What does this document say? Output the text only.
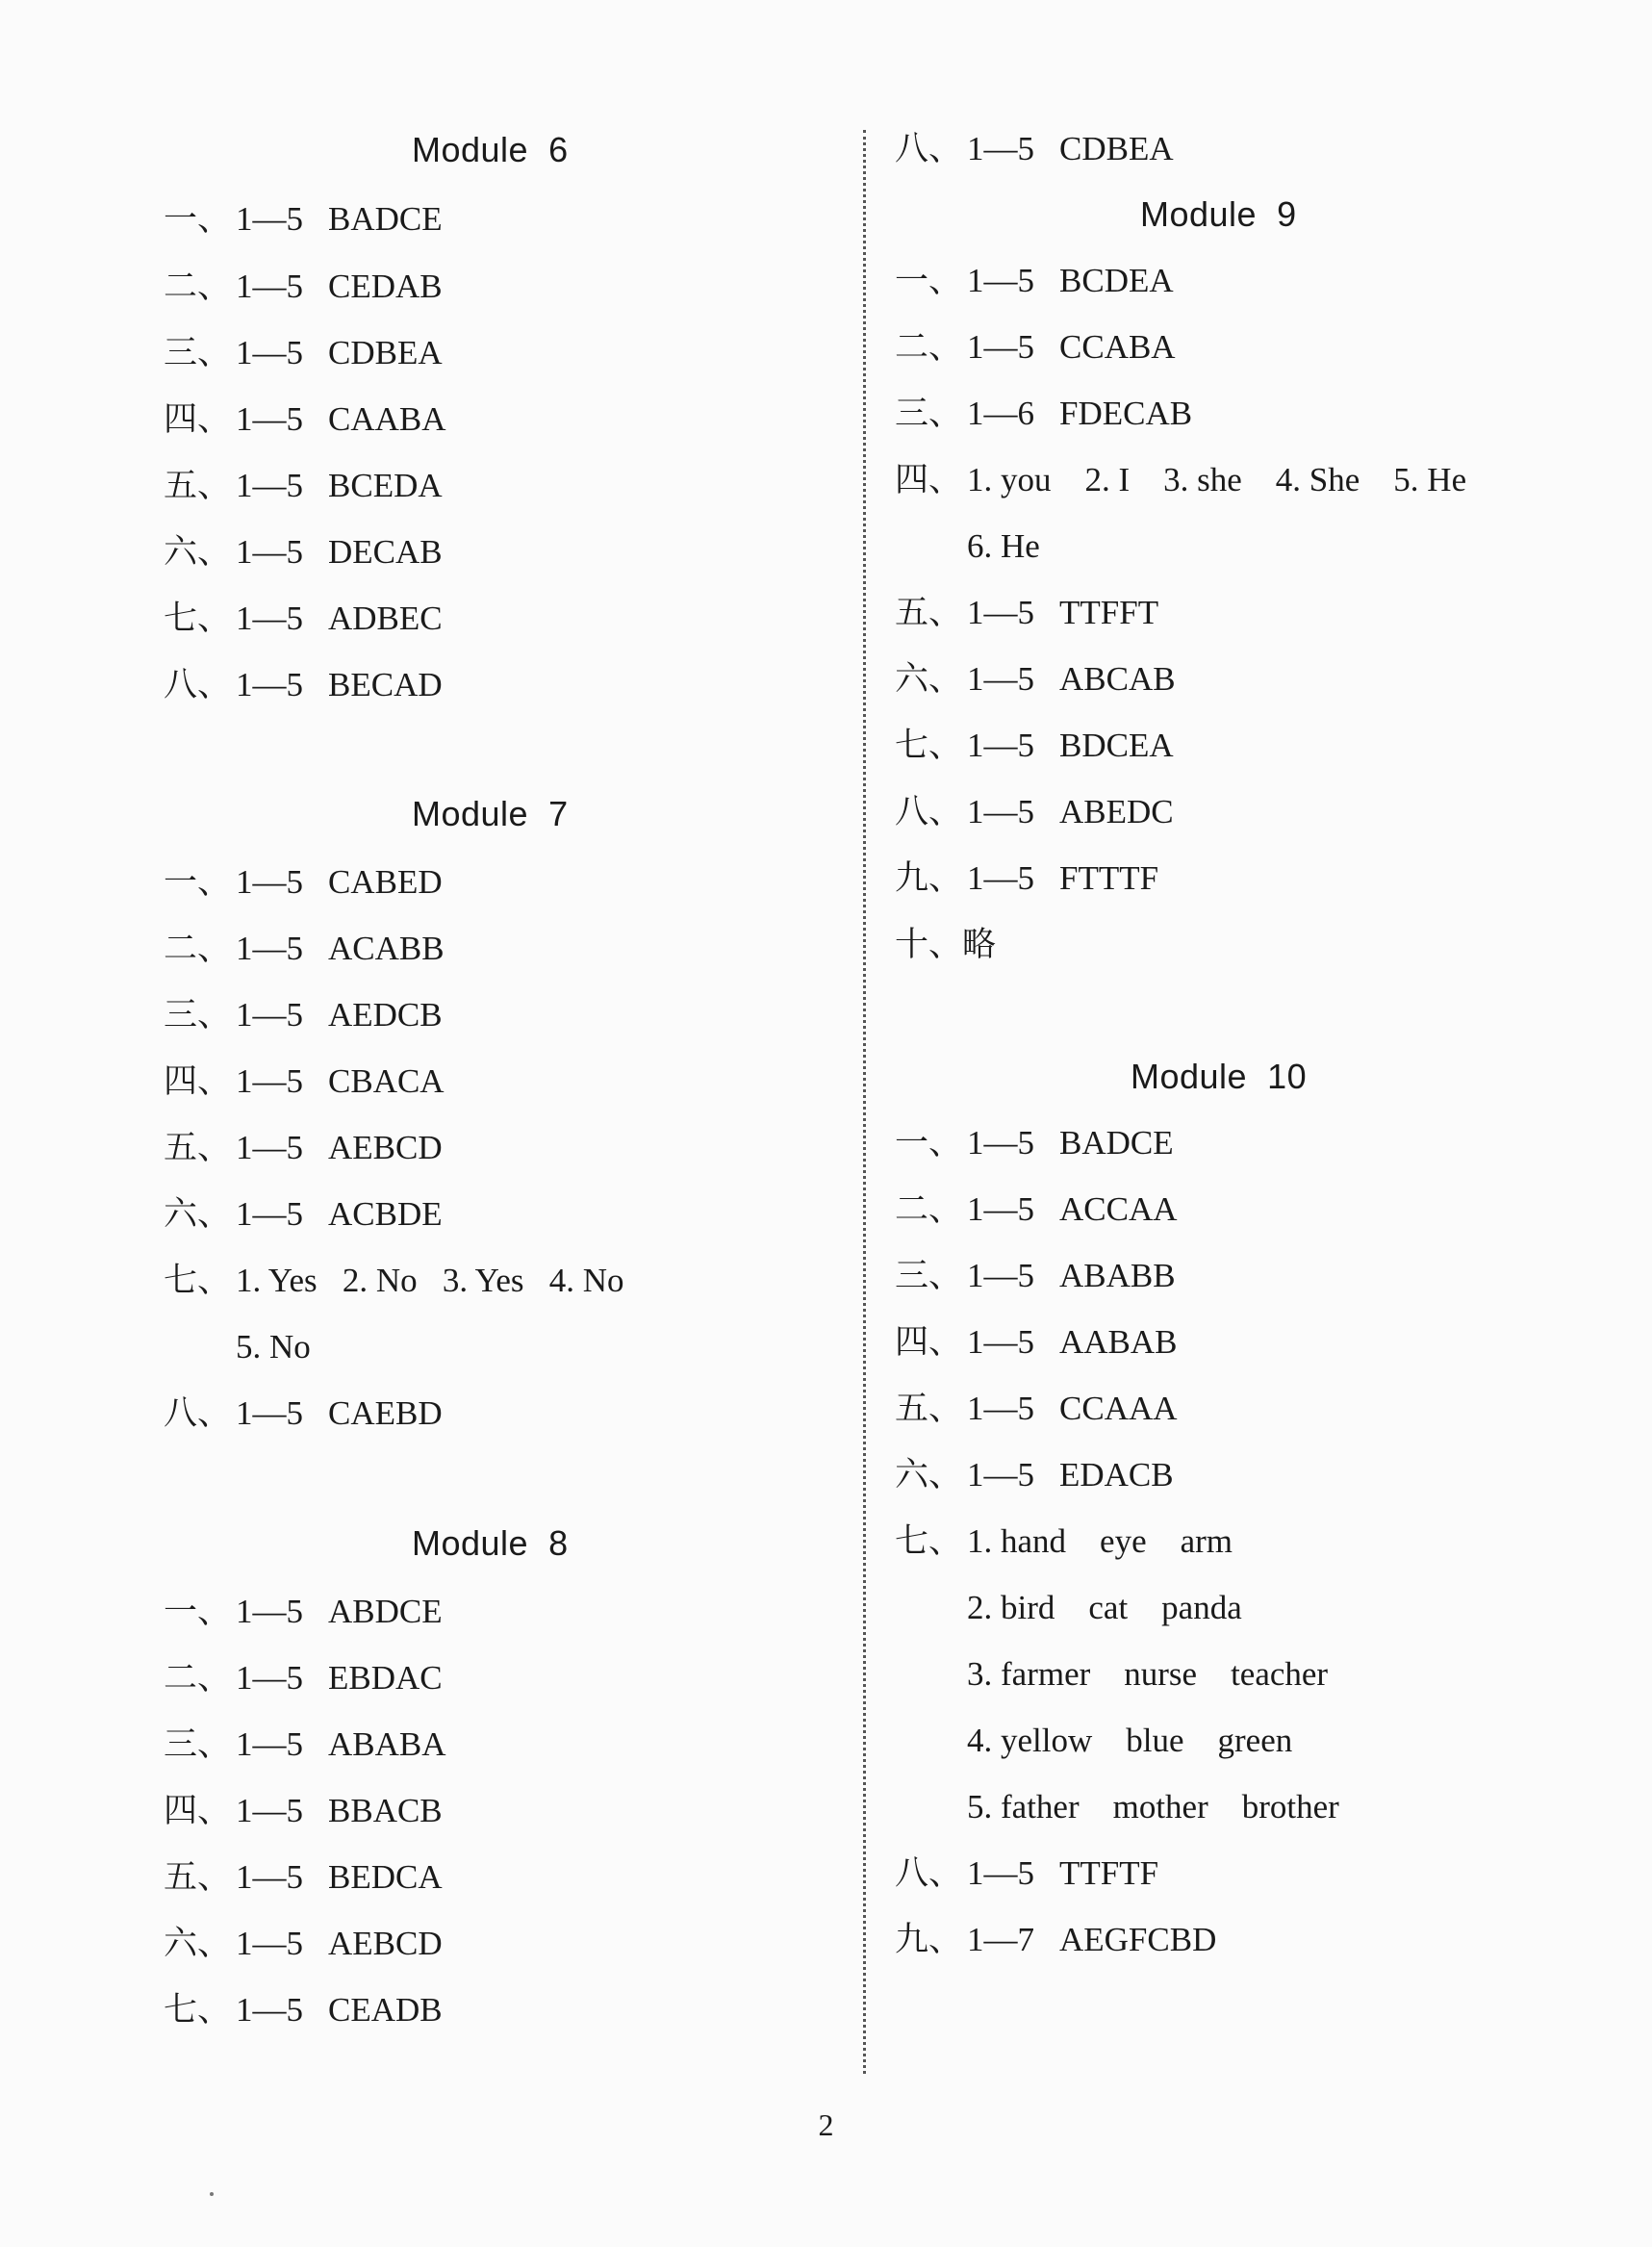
Module  6
一、 1—5 BADCE
二、 1—5 CEDAB
三、 1—5 CDBEA
四、 1—5 CAABA
五、 1—5 BCEDA
六、 1—5 DECAB
七、 1—5 ADBEC
八、 1—5 BECAD
Module  7
一、 1—5 CABED
二、 1—5 ACABB
三、 1—5 AEDCB
四、 1—5 CBACA
五、 1—5 AEBCD
六、 1—5 ACBDE
七、 1. Yes   2. No   3. Yes   4. No
5. No
八、 1—5 CAEBD
Module  8
一、 1—5 ABDCE
二、 1—5 EBDAC
三、 1—5 ABABA
四、 1—5 BBACB
五、 1—5 BEDCA
六、 1—5 AEBCD
七、 1—5 CEADB
八、 1—5 CDBEA
Module  9
一、 1—5 BCDEA
二、 1—5 CCABA
三、 1—6 FDECAB
四、 1. you    2. I    3. she    4. She    5. He
6. He
五、 1—5 TTFFT
六、 1—5 ABCAB
七、 1—5 BDCEA
八、 1—5 ABEDC
九、 1—5 FTTTF
十、略
Module  10
一、 1—5 BADCE
二、 1—5 ACCAA
三、 1—5 ABABB
四、 1—5 AABAB
五、 1—5 CCAAA
六、 1—5 EDACB
七、 1. hand    eye    arm
2. bird    cat    panda
3. farmer    nurse    teacher
4. yellow    blue    green
5. father    mother    brother
八、 1—5 TTFTF
九、 1—7 AEGFCBD
2
